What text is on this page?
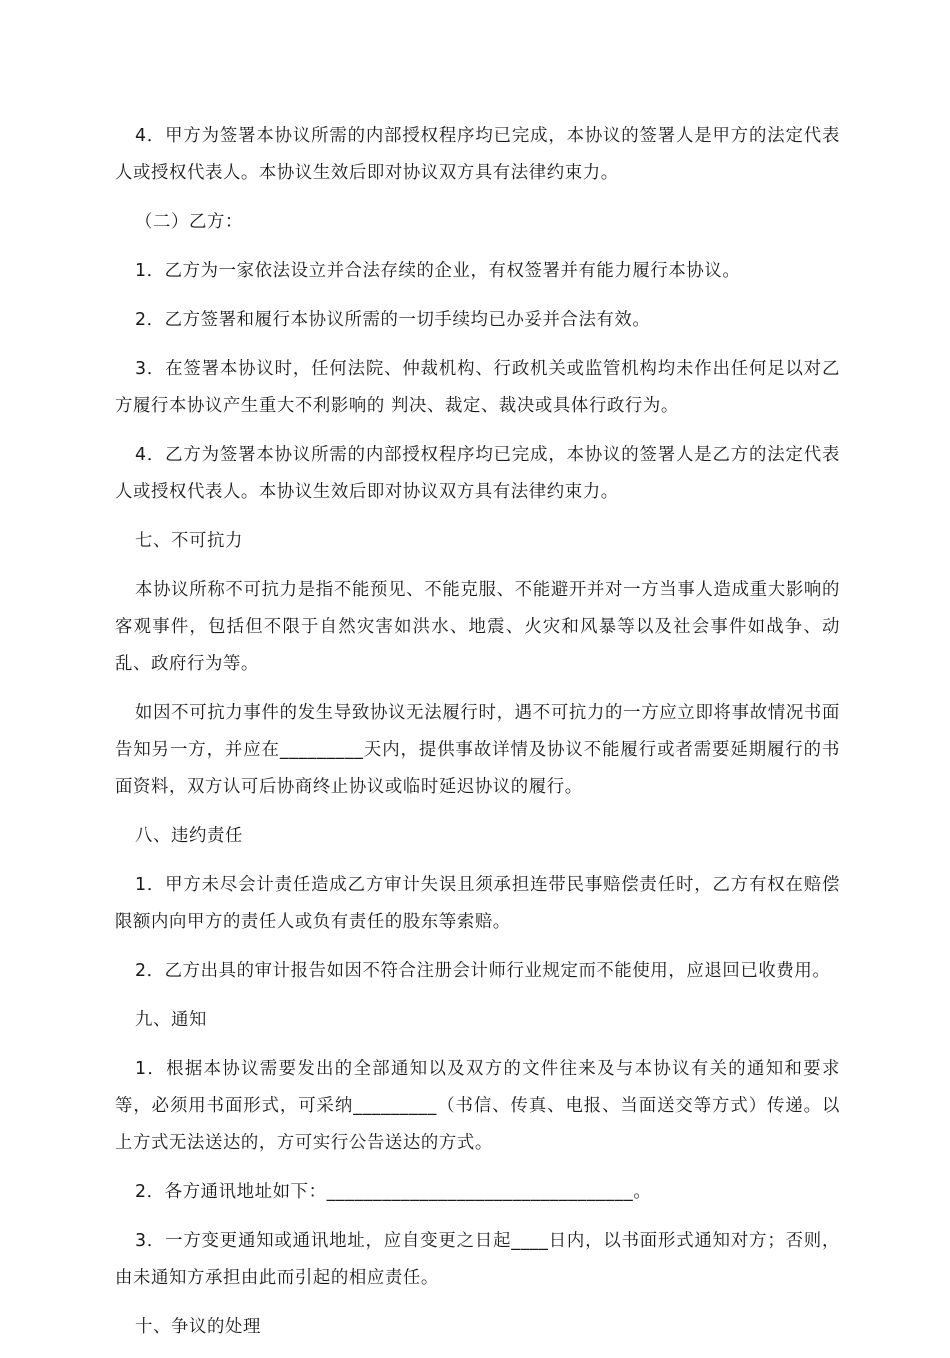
4．甲方为签署本协议所需的内部授权程序均已完成，本协议的签署人是甲方的法定代表人或授权代表人。本协议生效后即对协议双方具有法律约束力。

（二）乙方：

1．乙方为一家依法设立并合法存续的企业，有权签署并有能力履行本协议。

2．乙方签署和履行本协议所需的一切手续均已办妥并合法有效。

3．在签署本协议时，任何法院、仲裁机构、行政机关或监管机构均未作出任何足以对乙方履行本协议产生重大不利影响的 判决、裁定、裁决或具体行政行为。

4．乙方为签署本协议所需的内部授权程序均已完成，本协议的签署人是乙方的法定代表人或授权代表人。本协议生效后即对协议双方具有法律约束力。

七、不可抗力

本协议所称不可抗力是指不能预见、不能克服、不能避开并对一方当事人造成重大影响的客观事件，包括但不限于自然灾害如洪水、地震、火灾和风暴等以及社会事件如战争、动乱、政府行为等。

如因不可抗力事件的发生导致协议无法履行时，遇不可抗力的一方应立即将事故情况书面告知另一方，并应在_________天内，提供事故详情及协议不能履行或者需要延期履行的书面资料，双方认可后协商终止协议或临时延迟协议的履行。

八、违约责任

1．甲方未尽会计责任造成乙方审计失误且须承担连带民事赔偿责任时，乙方有权在赔偿限额内向甲方的责任人或负有责任的股东等索赔。

2．乙方出具的审计报告如因不符合注册会计师行业规定而不能使用，应退回已收费用。

九、通知

1．根据本协议需要发出的全部通知以及双方的文件往来及与本协议有关的通知和要求等，必须用书面形式，可采纳_________（书信、传真、电报、当面送交等方式）传递。以上方式无法送达的，方可实行公告送达的方式。

2．各方通讯地址如下：_________________________________。

3．一方变更通知或通讯地址，应自变更之日起____日内，以书面形式通知对方；否则，由未通知方承担由此而引起的相应责任。

十、争议的处理
